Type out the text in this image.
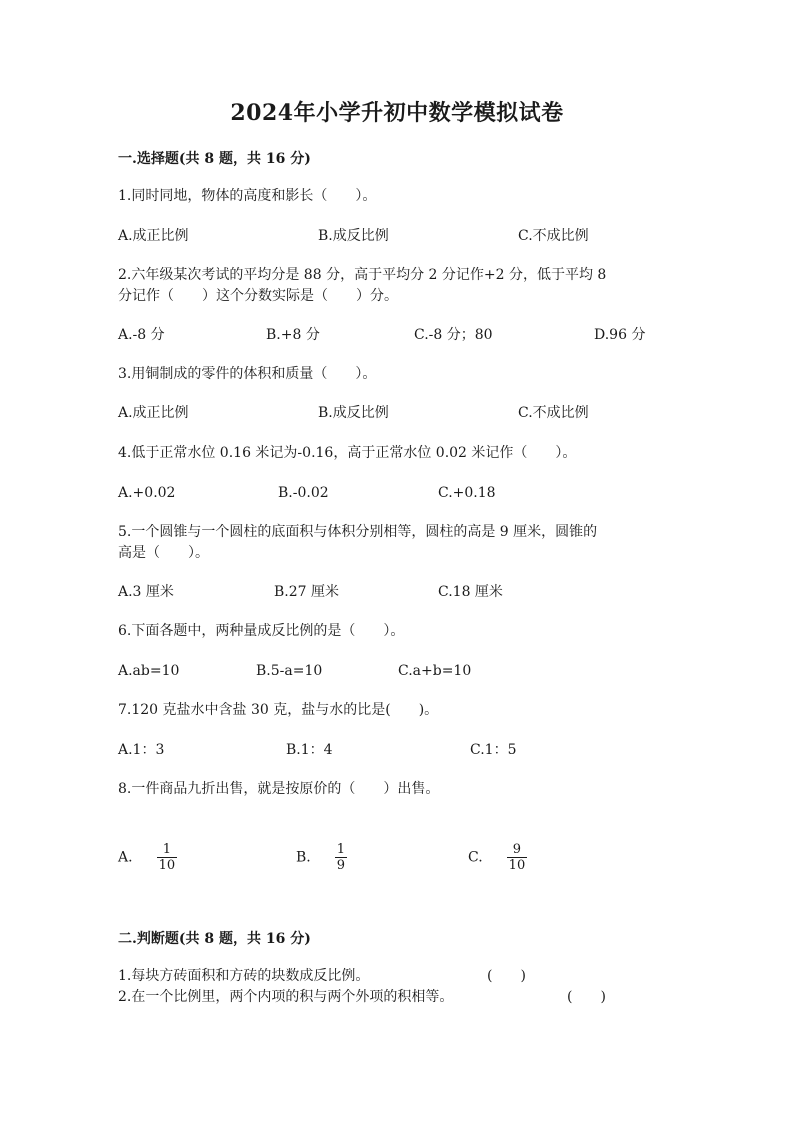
2024年小学升初中数学模拟试卷
一.选择题(共 8 题，共 16 分)
1.同时同地，物体的高度和影长（　　）。
A.成正比例	B.成反比例	C.不成比例
2.六年级某次考试的平均分是 88 分，高于平均分 2 分记作+2 分，低于平均 8
分记作（　　）这个分数实际是（　　）分。
A.-8 分	B.+8 分	C.-8 分；80	D.96 分
3.用铜制成的零件的体积和质量（　　）。
A.成正比例	B.成反比例	C.不成比例
4.低于正常水位 0.16 米记为-0.16，高于正常水位 0.02 米记作（　　）。
A.+0.02	B.-0.02	C.+0.18
5.一个圆锥与一个圆柱的底面积与体积分别相等，圆柱的高是 9 厘米，圆锥的
高是（　　）。
A.3 厘米	B.27 厘米	C.18 厘米
6.下面各题中，两种量成反比例的是（　　）。
A.ab=10	B.5-a=10	C.a+b=10
7.120 克盐水中含盐 30 克，盐与水的比是(　　)。
A.1：3	B.1：4	C.1：5
8.一件商品九折出售，就是按原价的（　　）出售。
A. $\frac{1}{10}$	B. $\frac{1}{9}$	C. $\frac{9}{10}$
二.判断题(共 8 题，共 16 分)
1.每块方砖面积和方砖的块数成反比例。	(　　)
2.在一个比例里，两个内项的积与两个外项的积相等。	(　　)
